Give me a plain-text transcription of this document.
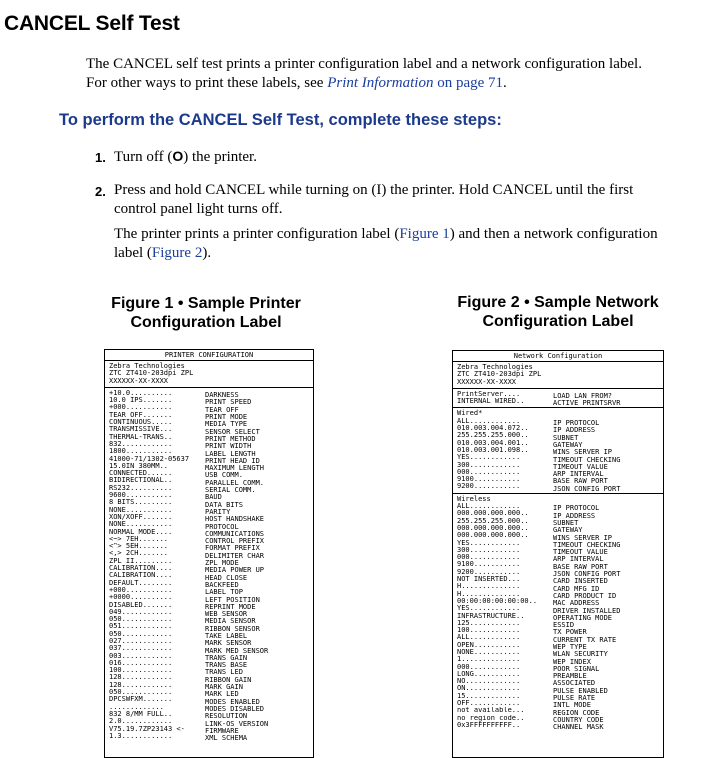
CANCEL Self Test
The CANCEL self test prints a printer configuration label and a network configuration label.
For other ways to print these labels, see Print Information on page 71.
To perform the CANCEL Self Test, complete these steps:
1. Turn off (O) the printer.
2. Press and hold CANCEL while turning on (I) the printer. Hold CANCEL until the first
control panel light turns off.
The printer prints a printer configuration label (Figure 1) and then a network configuration
label (Figure 2).
Figure 1 • Sample Printer
Configuration Label
PRINTER CONFIGURATION
Zebra Technologies
ZTC ZT410-203dpi ZPL
XXXXXX-XX-XXXX
+10.0..........	DARKNESS
10.0 IPS.......	PRINT SPEED
+000...........	TEAR OFF
TEAR OFF.......	PRINT MODE
CONTINUOUS.....	MEDIA TYPE
TRANSMISSIVE...	SENSOR SELECT
THERMAL-TRANS..	PRINT METHOD
832............	PRINT WIDTH
1800...........	LABEL LENGTH
41000-71/1302-05637 PRINT HEAD ID
15.0IN 380MM..	MAXIMUM LENGTH
CONNECTED......	USB COMM.
BIDIRECTIONAL..	PARALLEL COMM.
RS232..........	SERIAL COMM.
9600...........	BAUD
8 BITS.........	DATA BITS
NONE...........	PARITY
XON/XOFF.......	HOST HANDSHAKE
NONE...........	PROTOCOL
NORMAL MODE....	COMMUNICATIONS
<~> 7EH.......	CONTROL PREFIX
<^> 5EH.......	FORMAT PREFIX
<,> 2CH.......	DELIMITER CHAR
ZPL II.........	ZPL MODE
CALIBRATION....	MEDIA POWER UP
CALIBRATION....	HEAD CLOSE
DEFAULT........	BACKFEED
+000...........	LABEL TOP
+0000..........	LEFT POSITION
DISABLED.......	REPRINT MODE
049............	WEB SENSOR
050............	MEDIA SENSOR
051............	RIBBON SENSOR
050............	TAKE LABEL
027............	MARK SENSOR
037............	MARK MED SENSOR
003............	TRANS GAIN
016............	TRANS BASE
100............	TRANS LED
128............	RIBBON GAIN
128............	MARK GAIN
050............	MARK LED
DPCSWFXM.......	MODES ENABLED
.............	MODES DISABLED
832 8/MM FULL..	RESOLUTION
2.0............	LINK-OS VERSION
V75.19.7ZP23143 <-	FIRMWARE
1.3............	XML SCHEMA
Figure 2 • Sample Network
Configuration Label
Network Configuration
Zebra Technologies
ZTC ZT410-203dpi ZPL
XXXXXX-XX-XXXX
PrintServer....	LOAD LAN FROM?
INTERNAL WIRED..	ACTIVE PRINTSRVR
Wired*
ALL............	IP PROTOCOL
010.003.004.072..	IP ADDRESS
255.255.255.000..	SUBNET
010.003.004.001..	GATEWAY
010.003.001.098..	WINS SERVER IP
YES............	TIMEOUT CHECKING
300............	TIMEOUT VALUE
000............	ARP INTERVAL
9100...........	BASE RAW PORT
9200...........	JSON CONFIG PORT
Wireless
ALL............	IP PROTOCOL
000.000.000.000..	IP ADDRESS
255.255.255.000..	SUBNET
000.000.000.000..	GATEWAY
000.000.000.000..	WINS SERVER IP
YES............	TIMEOUT CHECKING
300............	TIMEOUT VALUE
000............	ARP INTERVAL
9100...........	BASE RAW PORT
9200...........	JSON CONFIG PORT
NOT INSERTED...	CARD INSERTED
H..............	CARD MFG ID
H..............	CARD PRODUCT ID
00:00:00:00:00:00.. MAC ADDRESS
YES............	DRIVER INSTALLED
INFRASTRUCTURE..	OPERATING MODE
125............	ESSID
100............	TX POWER
ALL............	CURRENT TX RATE
OPEN...........	WEP TYPE
NONE...........	WLAN SECURITY
1..............	WEP INDEX
000............	POOR SIGNAL
LONG...........	PREAMBLE
NO.............	ASSOCIATED
ON.............	PULSE ENABLED
15.............	PULSE RATE
OFF............	INTL MODE
not available...	REGION CODE
no region code..	COUNTRY CODE
0x3FFFFFFFFFF..	CHANNEL MASK
